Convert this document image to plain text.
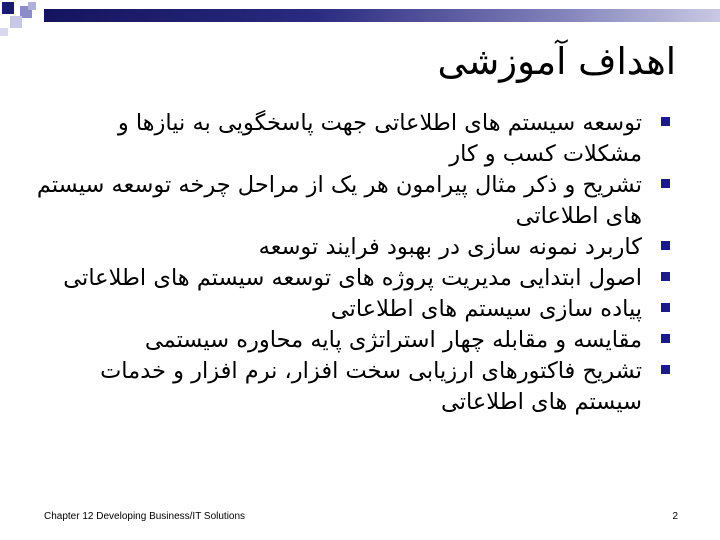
اهداف آموزشی
توسعه سیستم های اطلاعاتی جهت پاسخگویی به نیازها و مشکلات کسب و کار
تشریح و ذکر مثال پیرامون هر یک از مراحل چرخه توسعه سیستم های اطلاعاتی
کاربرد نمونه سازی در بهبود فرایند توسعه
اصول ابتدایی مدیریت پروژه های توسعه سیستم های اطلاعاتی
پیاده سازی سیستم های اطلاعاتی
مقایسه و مقابله چهار استراتژی پایه محاوره سیستمی
تشریح فاکتورهای ارزیابی سخت افزار، نرم افزار و خدمات سیستم های اطلاعاتی
Chapter 12 Developing Business/IT Solutions	2
